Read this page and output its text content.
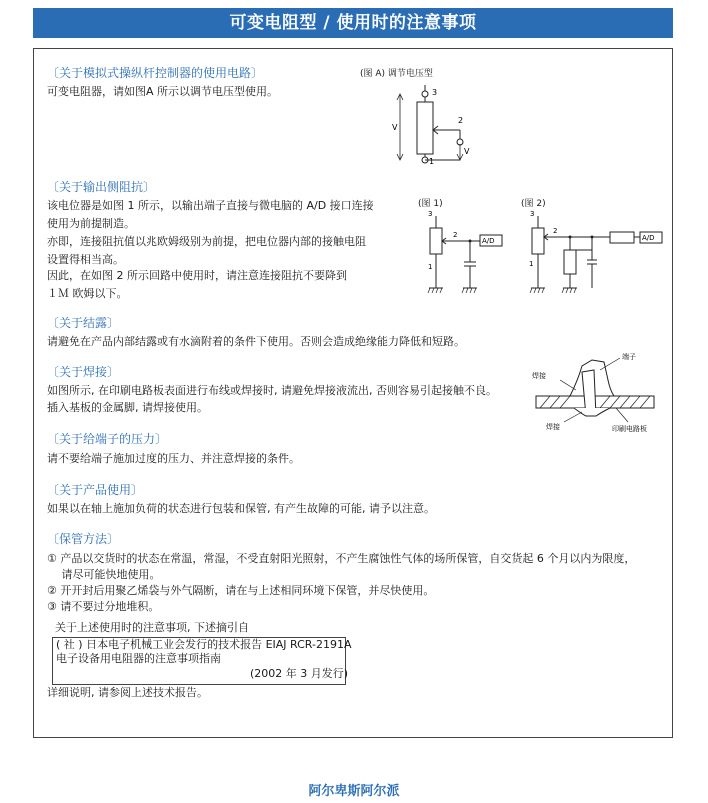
可变电阻型 / 使用时的注意事项
〔关于模拟式操纵杆控制器的使用电路〕
可变电阻器，请如图A 所示以调节电压型使用。
(图 A) 调节电压型
3
2
1
V
V
〔关于输出侧阻抗〕
该电位器是如图 1 所示，以输出端子直接与微电脑的 A/D 接口连接
使用为前提制造。
亦即，连接阻抗值以兆欧姆级别为前提，把电位器内部的接触电阻
设置得相当高。
因此，在如图 2 所示回路中使用时，请注意连接阻抗不要降到
１Ｍ 欧姆以下。
(图 1)
3
2
1
A/D
(图 2)
3
2
1
A/D
〔关于结露〕
请避免在产品内部结露或有水滴附着的条件下使用。否则会造成绝缘能力降低和短路。
〔关于焊接〕
如图所示, 在印刷电路板表面进行布线或焊接时, 请避免焊接液流出, 否则容易引起接触不良。
插入基板的金属脚, 请焊接使用。
焊接
端子
焊接	印刷电路板
〔关于给端子的压力〕
请不要给端子施加过度的压力、并注意焊接的条件。
〔关于产品使用〕
如果以在轴上施加负荷的状态进行包装和保管, 有产生故障的可能, 请予以注意。
〔保管方法〕
① 产品以交货时的状态在常温，常湿，不受直射阳光照射，不产生腐蚀性气体的场所保管，自交货起 6 个月以内为限度，
　 请尽可能快地使用。
② 开开封后用聚乙烯袋与外气隔断，请在与上述相同环境下保管，并尽快使用。
③ 请不要过分地堆积。
关于上述使用时的注意事项, 下述摘引自
( 社 ) 日本电子机械工业会发行的技术报告 EIAJ RCR-2191A
电子设备用电阻器的注意事项指南
(2002 年 3 月发行)
详细说明, 请参阅上述技术报告。
阿尔卑斯阿尔派
